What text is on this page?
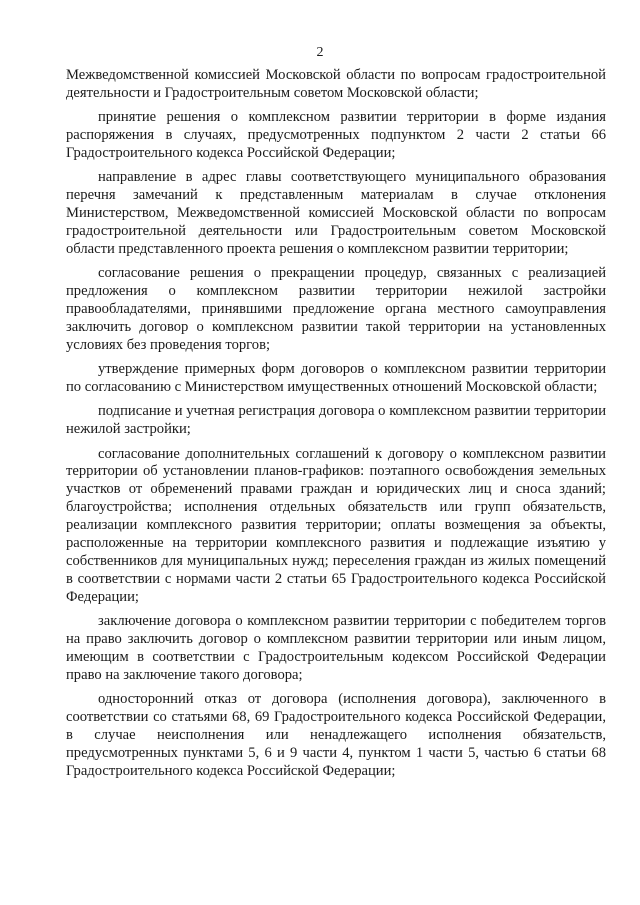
2

Межведомственной комиссией Московской области по вопросам градостроительной деятельности и Градостроительным советом Московской области;

принятие решения о комплексном развитии территории в форме издания распоряжения в случаях, предусмотренных подпунктом 2 части 2 статьи 66 Градостроительного кодекса Российской Федерации;

направление в адрес главы соответствующего муниципального образования перечня замечаний к представленным материалам в случае отклонения Министерством, Межведомственной комиссией Московской области по вопросам градостроительной деятельности или Градостроительным советом Московской области представленного проекта решения о комплексном развитии территории;

согласование решения о прекращении процедур, связанных с реализацией предложения о комплексном развитии территории нежилой застройки правообладателями, принявшими предложение органа местного самоуправления заключить договор о комплексном развитии такой территории на установленных условиях без проведения торгов;

утверждение примерных форм договоров о комплексном развитии территории по согласованию с Министерством имущественных отношений Московской области;

подписание и учетная регистрация договора о комплексном развитии территории нежилой застройки;

согласование дополнительных соглашений к договору о комплексном развитии территории об установлении планов-графиков: поэтапного освобождения земельных участков от обременений правами граждан и юридических лиц и сноса зданий; благоустройства; исполнения отдельных обязательств или групп обязательств, реализации комплексного развития территории; оплаты возмещения за объекты, расположенные на территории комплексного развития и подлежащие изъятию у собственников для муниципальных нужд; переселения граждан из жилых помещений в соответствии с нормами части 2 статьи 65 Градостроительного кодекса Российской Федерации;

заключение договора о комплексном развитии территории с победителем торгов на право заключить договор о комплексном развитии территории или иным лицом, имеющим в соответствии с Градостроительным кодексом Российской Федерации право на заключение такого договора;

односторонний отказ от договора (исполнения договора), заключенного в соответствии со статьями 68, 69 Градостроительного кодекса Российской Федерации, в случае неисполнения или ненадлежащего исполнения обязательств, предусмотренных пунктами 5, 6 и 9 части 4, пунктом 1 части 5, частью 6 статьи 68 Градостроительного кодекса Российской Федерации;
